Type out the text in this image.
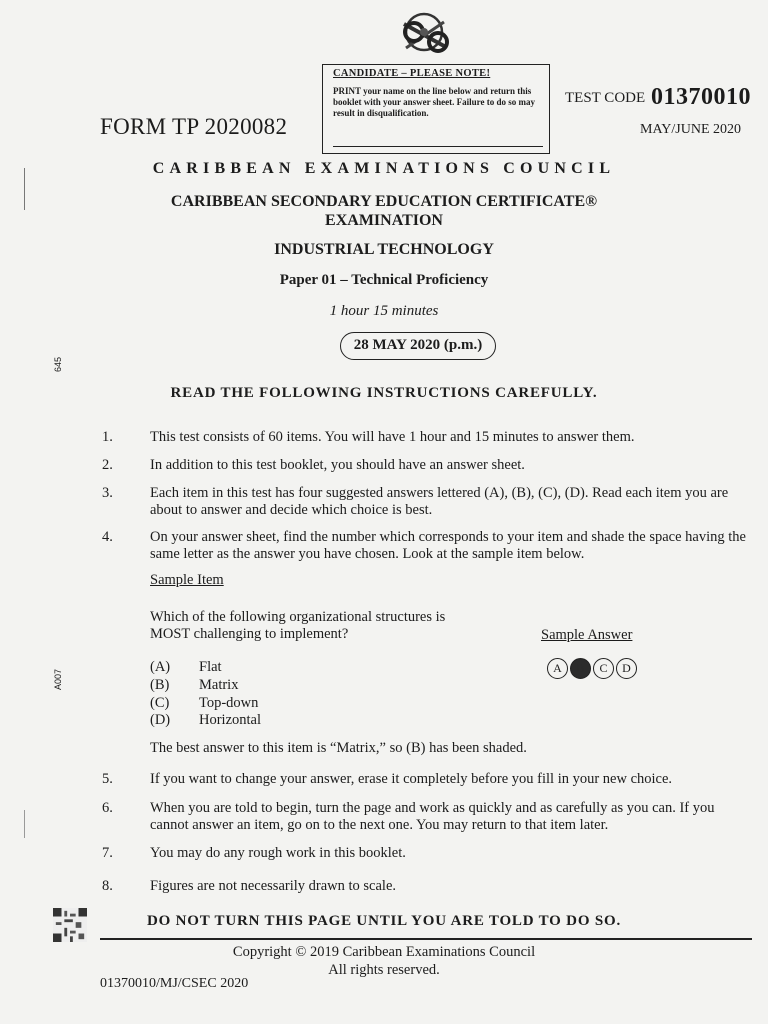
CANDIDATE – PLEASE NOTE!
PRINT your name on the line below and return this booklet with your answer sheet. Failure to do so may result in disqualification.
FORM TP 2020082
TEST CODE 01370010
MAY/JUNE 2020
CARIBBEAN EXAMINATIONS COUNCIL
CARIBBEAN SECONDARY EDUCATION CERTIFICATE®
EXAMINATION
INDUSTRIAL TECHNOLOGY
Paper 01 – Technical Proficiency
1 hour 15 minutes
28 MAY 2020 (p.m.)
645
A007
READ THE FOLLOWING INSTRUCTIONS CAREFULLY.
1.	This test consists of 60 items. You will have 1 hour and 15 minutes to answer them.
2.	In addition to this test booklet, you should have an answer sheet.
3.	Each item in this test has four suggested answers lettered (A), (B), (C), (D). Read each item you are about to answer and decide which choice is best.
4.	On your answer sheet, find the number which corresponds to your item and shade the space having the same letter as the answer you have chosen. Look at the sample item below.
Sample Item
Which of the following organizational structures is
MOST challenging to implement?	Sample Answer
A	B	C	D
(A) Flat
(B) Matrix
(C) Top-down
(D) Horizontal
The best answer to this item is “Matrix,” so (B) has been shaded.
5.	If you want to change your answer, erase it completely before you fill in your new choice.
6.	When you are told to begin, turn the page and work as quickly and as carefully as you can. If you cannot answer an item, go on to the next one. You may return to that item later.
7.	You may do any rough work in this booklet.
8.	Figures are not necessarily drawn to scale.
DO NOT TURN THIS PAGE UNTIL YOU ARE TOLD TO DO SO.
Copyright © 2019 Caribbean Examinations Council
All rights reserved.
01370010/MJ/CSEC 2020
